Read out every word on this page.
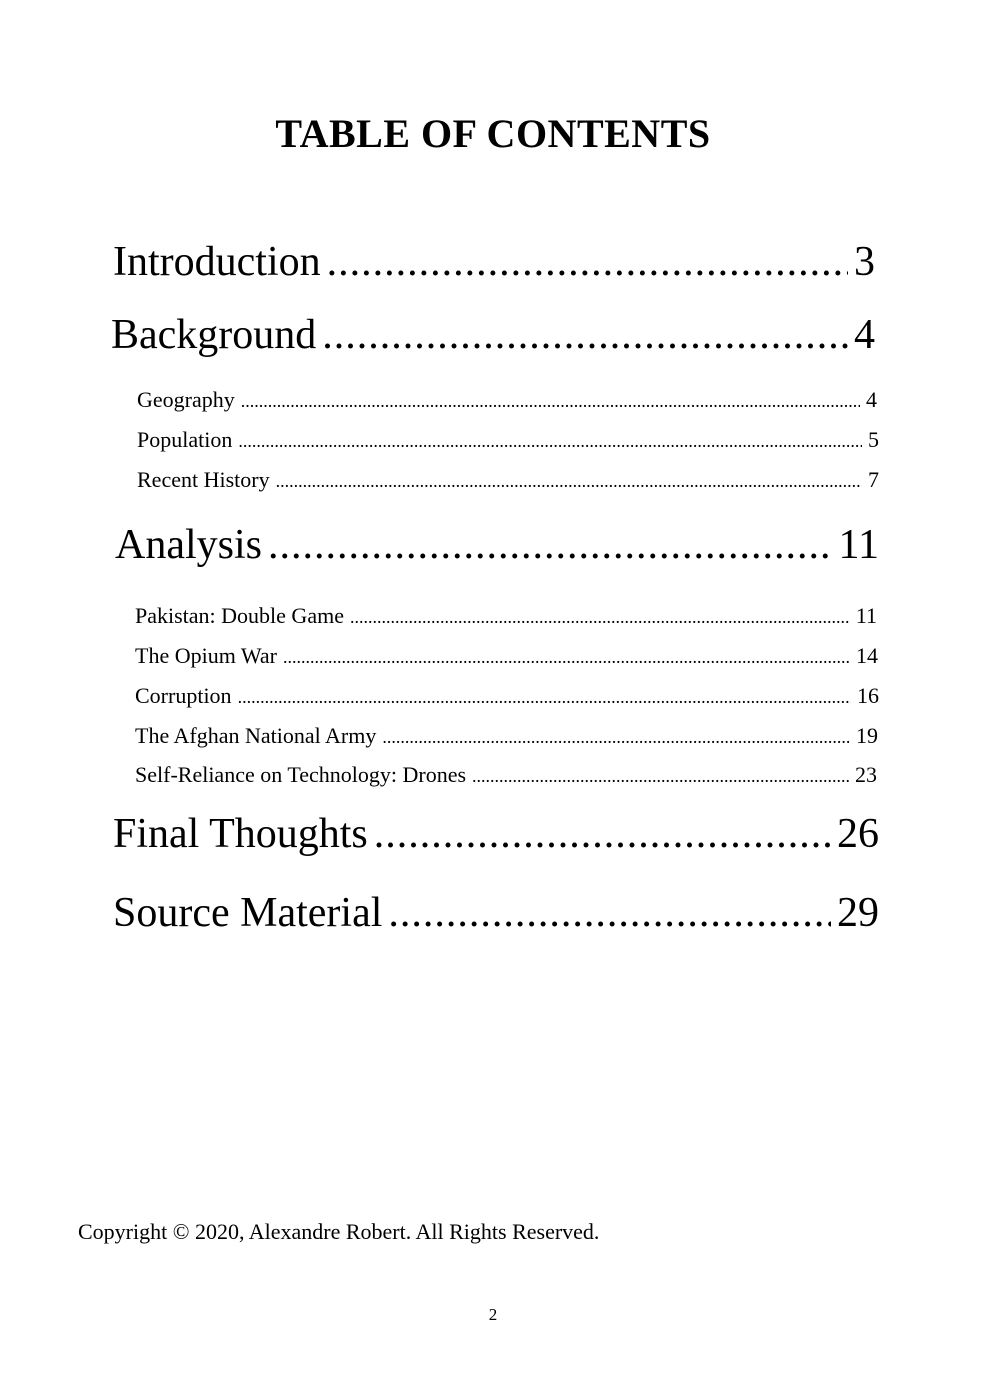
TABLE OF CONTENTS
Introduction .....	3
Background .....	4
Geography .....	4
Population .....	5
Recent History .....	7
Analysis .....	11
Pakistan: Double Game .....	11
The Opium War .....	14
Corruption .....	16
The Afghan National Army .....	19
Self-Reliance on Technology: Drones .....	23
Final Thoughts .....	26
Source Material .....	29
Copyright © 2020, Alexandre Robert. All Rights Reserved.
2
